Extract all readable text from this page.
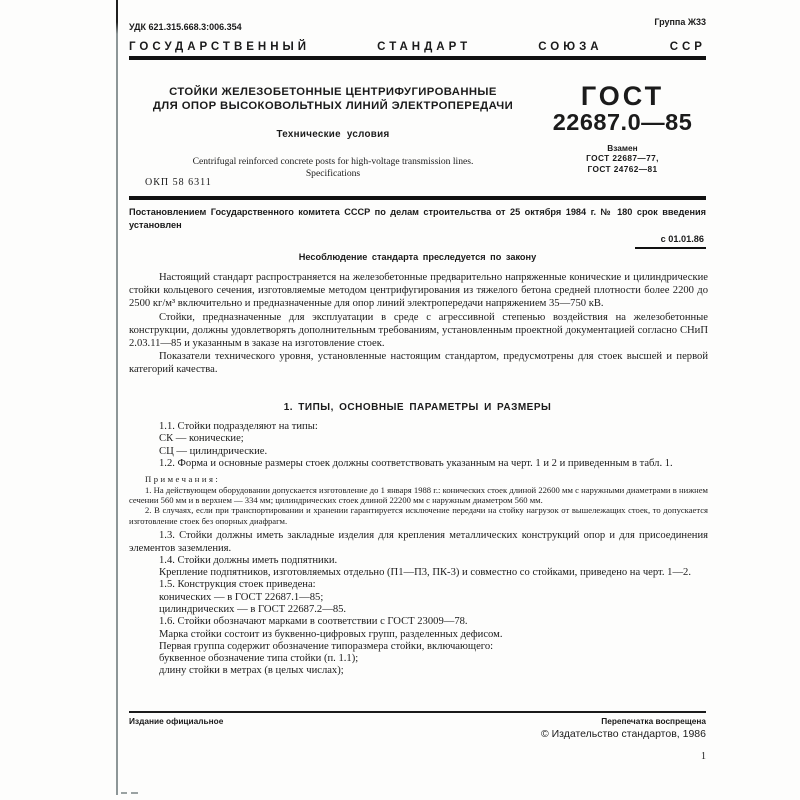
УДК 621.315.668.3:006.354	Группа Ж33
ГОСУДАРСТВЕННЫЙ	СТАНДАРТ	СОЮЗА	ССР
СТОЙКИ ЖЕЛЕЗОБЕТОННЫЕ ЦЕНТРИФУГИРОВАННЫЕ
ДЛЯ ОПОР ВЫСОКОВОЛЬТНЫХ ЛИНИЙ ЭЛЕКТРОПЕРЕДАЧИ
Технические условия
Centrifugal reinforced concrete posts for high-voltage transmission lines.
Specifications
ГОСТ
22687.0—85
Взамен
ГОСТ 22687—77,
ГОСТ 24762—81
ОКП 58 6311
Постановлением Государственного комитета СССР по делам строительства от 25 октября 1984 г. № 180 срок введения установлен
с 01.01.86
Несоблюдение стандарта преследуется по закону

Настоящий стандарт распространяется на железобетонные предварительно напряженные конические и цилиндрические стойки кольцевого сечения, изготовляемые методом центрифугирования из тяжелого бетона средней плотности более 2200 до 2500 кг/м³ включительно и предназначенные для опор линий электропередачи напряжением 35—750 кВ.

Стойки, предназначенные для эксплуатации в среде с агрессивной степенью воздействия на железобетонные конструкции, должны удовлетворять дополнительным требованиям, установленным проектной документацией согласно СНиП 2.03.11—85 и указанным в заказе на изготовление стоек.

Показатели технического уровня, установленные настоящим стандартом, предусмотрены для стоек высшей и первой категорий качества.

1. ТИПЫ, ОСНОВНЫЕ ПАРАМЕТРЫ И РАЗМЕРЫ

1.1. Стойки подразделяют на типы:

СК — конические;

СЦ — цилиндрические.

1.2. Форма и основные размеры стоек должны соответствовать указанным на черт. 1 и 2 и приведенным в табл. 1.

Примечания:

1. На действующем оборудовании допускается изготовление до 1 января 1988 г.: конических стоек длиной 22600 мм с наружными диаметрами в нижнем сечении 560 мм и в верхнем — 334 мм; цилиндрических стоек длиной 22200 мм с наружным диаметром 560 мм.

2. В случаях, если при транспортировании и хранении гарантируется исключение передачи на стойку нагрузок от вышележащих стоек, то допускается изготовление стоек без опорных диафрагм.

1.3. Стойки должны иметь закладные изделия для крепления металлических конструкций опор и для присоединения элементов заземления.

1.4. Стойки должны иметь подпятники.

Крепление подпятников, изготовляемых отдельно (П1—П3, ПК-3) и совместно со стойками, приведено на черт. 1—2.

1.5. Конструкция стоек приведена:

конических — в ГОСТ 22687.1—85;

цилиндрических — в ГОСТ 22687.2—85.

1.6. Стойки обозначают марками в соответствии с ГОСТ 23009—78.

Марка стойки состоит из буквенно-цифровых групп, разделенных дефисом.

Первая группа содержит обозначение типоразмера стойки, включающего:

буквенное обозначение типа стойки (п. 1.1);

длину стойки в метрах (в целых числах);

Издание официальное	Перепечатка воспрещена
© Издательство стандартов, 1986
1
